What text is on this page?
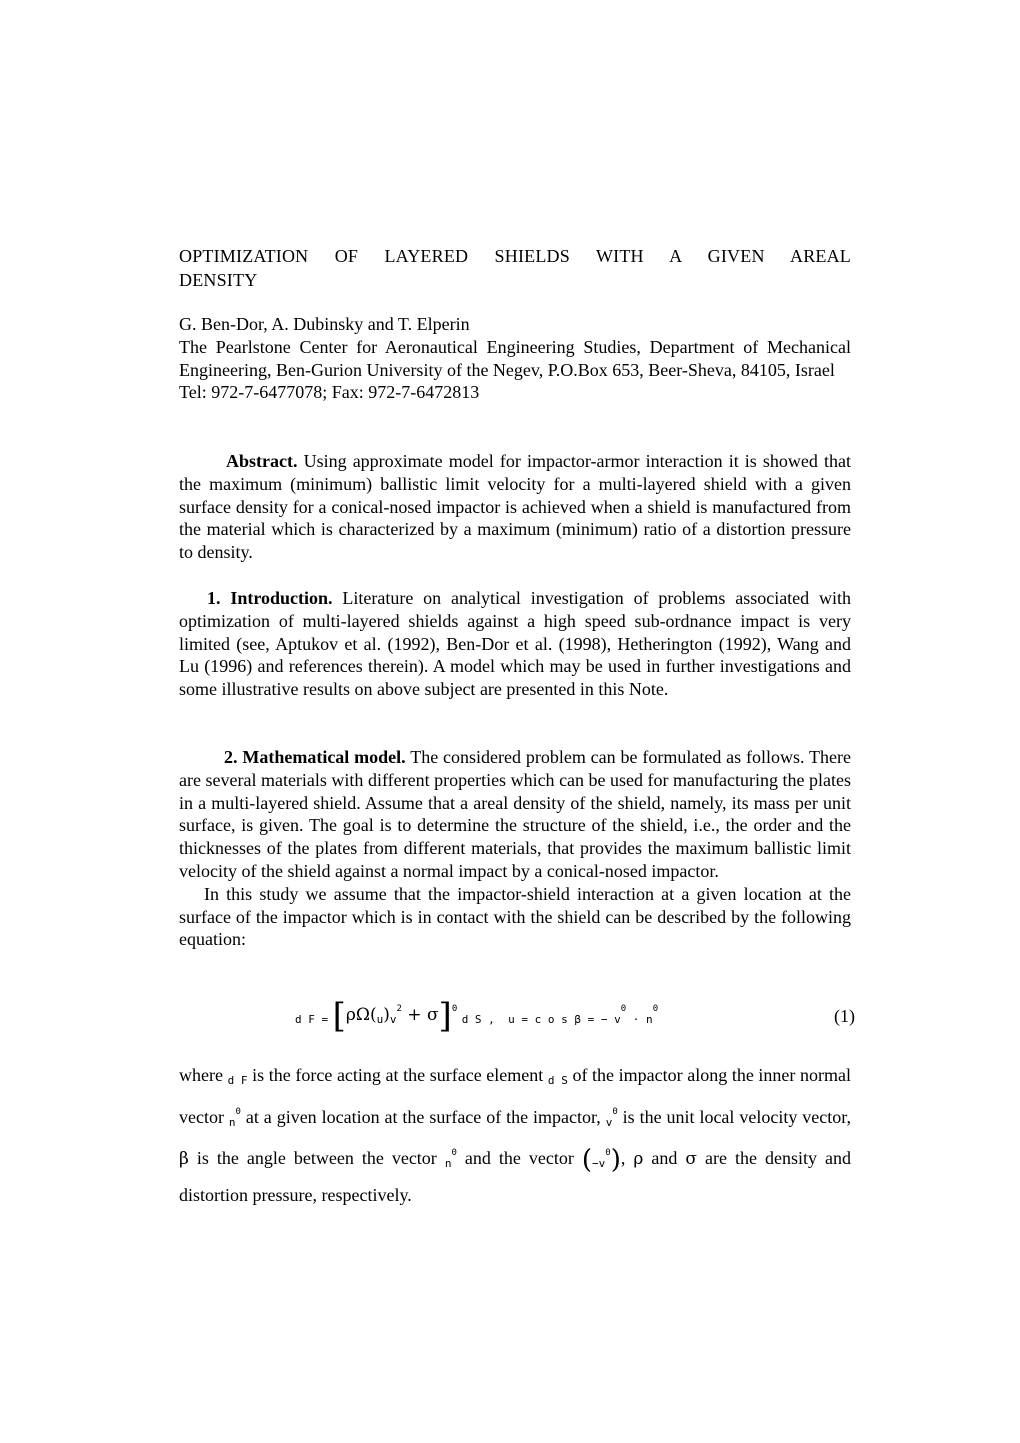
OPTIMIZATION OF LAYERED SHIELDS WITH A GIVEN AREAL
DENSITY

G. Ben-Dor, A. Dubinsky and T. Elperin

The Pearlstone Center for Aeronautical Engineering Studies, Department of Mechanical Engineering, Ben-Gurion University of the Negev, P.O.Box 653, Beer-Sheva, 84105, Israel

Tel: 972-7-6477078; Fax: 972-7-6472813

Abstract. Using approximate model for impactor-armor interaction it is showed that the maximum (minimum) ballistic limit velocity for a multi-layered shield with a given surface density for a conical-nosed impactor is achieved when a shield is manufactured from the material which is characterized by a maximum (minimum) ratio of a distortion pressure to density.

1. Introduction. Literature on analytical investigation of problems associated with optimization of multi-layered shields against a high speed sub-ordnance impact is very limited (see, Aptukov et al. (1992), Ben-Dor et al. (1998), Hetherington (1992), Wang and Lu (1996) and references therein). A model which may be used in further investigations and some illustrative results on above subject are presented in this Note.

2. Mathematical model. The considered problem can be formulated as follows. There are several materials with different properties which can be used for manufacturing the plates in a multi-layered shield. Assume that a areal density of the shield, namely, its mass per unit surface, is given. The goal is to determine the structure of the shield, i.e., the order and the thicknesses of the plates from different materials, that provides the maximum ballistic limit velocity of the shield against a normal impact by a conical-nosed impactor.

In this study we assume that the impactor-shield interaction at a given location at the surface of the impactor which is in contact with the shield can be described by the following equation:

$_{d F =}$ $[\rho\Omega(_u)_v^2 + \sigma]^0$ $_{d S ,}$ $_{u = c o s \beta = - v}^0$ $_{\cdot n}^0$	(1)

where d F is the force acting at the surface element d S of the impactor along the inner normal vector $n^0$ at a given location at the surface of the impactor, $v^0$ is the unit local velocity vector, β is the angle between the vector $n^0$ and the vector $(-v^0)$, ρ and σ are the density and distortion pressure, respectively.
